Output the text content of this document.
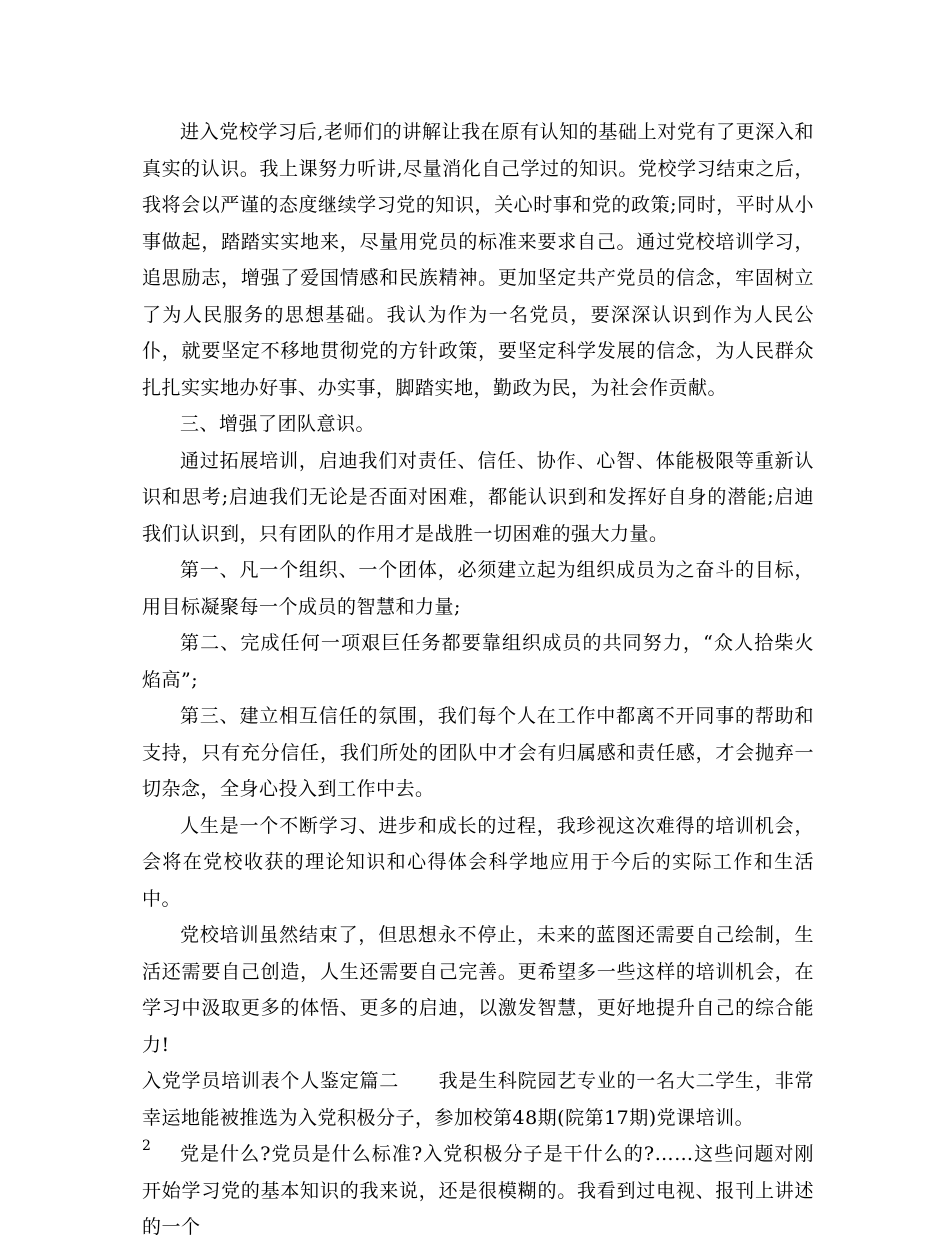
进入党校学习后,老师们的讲解让我在原有认知的基础上对党有了更深入和真实的认识。我上课努力听讲,尽量消化自己学过的知识。党校学习结束之后，我将会以严谨的态度继续学习党的知识，关心时事和党的政策;同时，平时从小事做起，踏踏实实地来，尽量用党员的标准来要求自己。通过党校培训学习，追思励志，增强了爱国情感和民族精神。更加坚定共产党员的信念，牢固树立了为人民服务的思想基础。我认为作为一名党员，要深深认识到作为人民公仆，就要坚定不移地贯彻党的方针政策，要坚定科学发展的信念，为人民群众扎扎实实地办好事、办实事，脚踏实地，勤政为民，为社会作贡献。

三、增强了团队意识。

通过拓展培训，启迪我们对责任、信任、协作、心智、体能极限等重新认识和思考;启迪我们无论是否面对困难，都能认识到和发挥好自身的潜能;启迪我们认识到，只有团队的作用才是战胜一切困难的强大力量。

第一、凡一个组织、一个团体，必须建立起为组织成员为之奋斗的目标，用目标凝聚每一个成员的智慧和力量;

第二、完成任何一项艰巨任务都要靠组织成员的共同努力，“众人拾柴火焰高”;

第三、建立相互信任的氛围，我们每个人在工作中都离不开同事的帮助和支持，只有充分信任，我们所处的团队中才会有归属感和责任感，才会抛弃一切杂念，全身心投入到工作中去。

人生是一个不断学习、进步和成长的过程，我珍视这次难得的培训机会，会将在党校收获的理论知识和心得体会科学地应用于今后的实际工作和生活中。

党校培训虽然结束了，但思想永不停止，未来的蓝图还需要自己绘制，生活还需要自己创造，人生还需要自己完善。更希望多一些这样的培训机会，在学习中汲取更多的体悟、更多的启迪，以激发智慧，更好地提升自己的综合能力!

入党学员培训表个人鉴定篇二　　我是生科院园艺专业的一名大二学生，非常幸运地能被推选为入党积极分子，参加校第48期(院第17期)党课培训。

党是什么?党员是什么标准?入党积极分子是干什么的?……这些问题对刚开始学习党的基本知识的我来说，还是很模糊的。我看到过电视、报刊上讲述的一个

2
